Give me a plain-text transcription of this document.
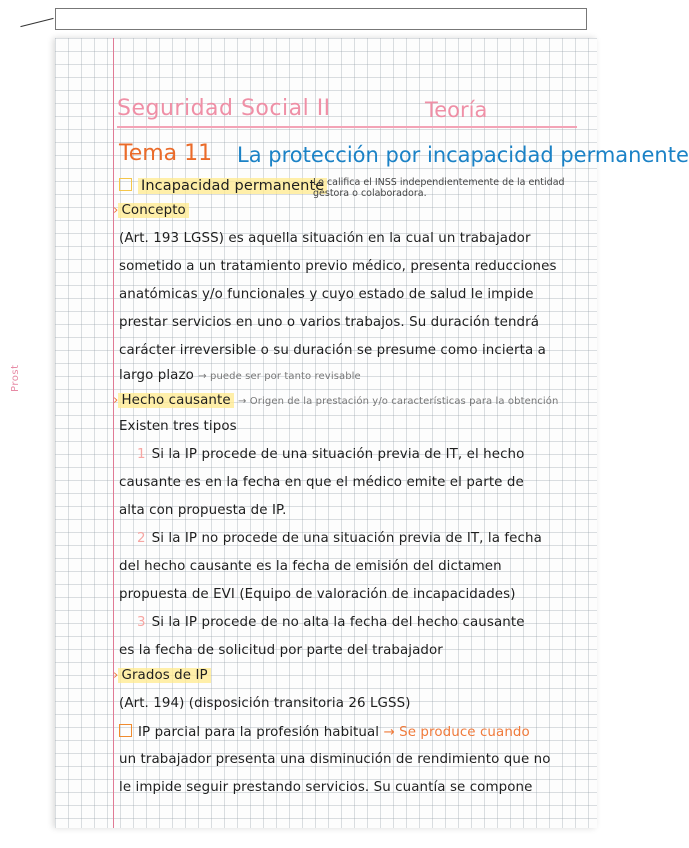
Prost
Seguridad Social II	Teoría
Tema 11 La protección por incapacidad permanente
Incapacidad permanente
Lo califica el INSS independientemente de la entidad gestora o colaboradora.
› Concepto
(Art. 193 LGSS) es aquella situación en la cual un trabajador
sometido a un tratamiento previo médico, presenta reducciones
anatómicas y/o funcionales y cuyo estado de salud le impide
prestar servicios en uno o varios trabajos. Su duración tendrá
carácter irreversible o su duración se presume como incierta a
largo plazo → puede ser por tanto revisable
› Hecho causante → Origen de la prestación y/o características para la obtención
Existen tres tipos
1 Si la IP procede de una situación previa de IT, el hecho
causante es en la fecha en que el médico emite el parte de
alta con propuesta de IP.
2 Si la IP no procede de una situación previa de IT, la fecha
del hecho causante es la fecha de emisión del dictamen
propuesta de EVI (Equipo de valoración de incapacidades)
3 Si la IP procede de no alta la fecha del hecho causante
es la fecha de solicitud por parte del trabajador
› Grados de IP
(Art. 194) (disposición transitoria 26 LGSS)
IP parcial para la profesión habitual → Se produce cuando
un trabajador presenta una disminución de rendimiento que no
le impide seguir prestando servicios. Su cuantía se compone
